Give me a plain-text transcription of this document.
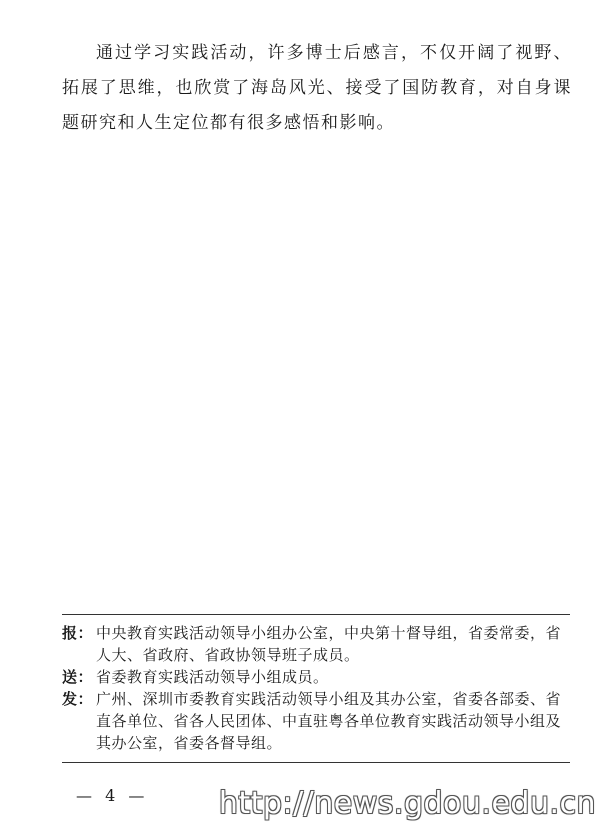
通过学习实践活动，许多博士后感言，不仅开阔了视野、拓展了思维，也欣赏了海岛风光、接受了国防教育，对自身课题研究和人生定位都有很多感悟和影响。

报： 中央教育实践活动领导小组办公室，中央第十督导组，省委常委，省人大、省政府、省政协领导班子成员。
送： 省委教育实践活动领导小组成员。
发： 广州、深圳市委教育实践活动领导小组及其办公室，省委各部委、省直各单位、省各人民团体、中直驻粤各单位教育实践活动领导小组及其办公室，省委各督导组。
— 4 — http://news.gdou.edu.cn
